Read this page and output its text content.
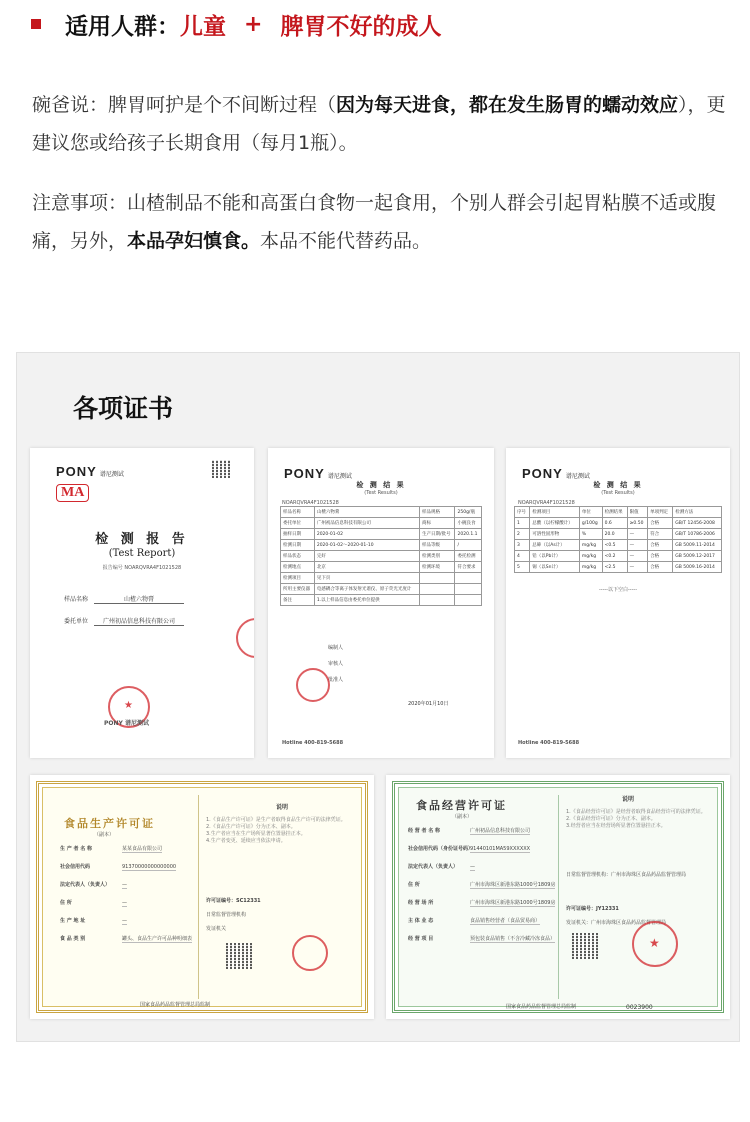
适用人群： 儿童 + 脾胃不好的成人
碗爸说：脾胃呵护是个不间断过程（因为每天进食，都在发生肠胃的蠕动效应），更建议您或给孩子长期食用（每月1瓶）。
注意事项：山楂制品不能和高蛋白食物一起食用，个别人群会引起胃粘膜不适或腹痛，另外，本品孕妇慎食。本品不能代替药品。
各项证书
PONY 谱尼测试
MA
检 测 报 告
(Test Report)
报告编号 NOARQVRA4F1021528
样品名称	山楂六物膏
委托单位 广州初品信息科技有限公司
★
PONY 谱尼测试
PONY 谱尼测试
检 测 结 果
(Test Results)
NOARQVRA4F1021528
样品名称	山楂六物膏	样品规格	250g/瓶
委托单位	广州初品信息科技有限公司	商标	小碗良食
抽样日期	2020-01-02	生产日期/批号	2020.1.1
检测日期	2020-01-02～2020-01-10	样品等级	/
样品状态	完好	检测类别	委托检测
检测地点	北京	检测环境	符合要求
检测项目	见下页		
所用主要仪器	电感耦合等离子体发射光谱仪、原子荧光光度计		
备注	1.以上样品信息由委托单位提供		
编制人
审核人
批准人
2020年01月10日
Hotline 400-819-5688
PONY 谱尼测试
检 测 结 果
(Test Results)
NOARQVRA4F1021528
序号	检测项目	单位	检测结果	限值	单项判定	检测方法
1	总酸（以柠檬酸计）	g/100g	0.6	≥0.50	合格	GB/T 12456-2008
2	可溶性固形物	%	20.0	—	符合	GB/T 10786-2006
3	总砷（以As计）	mg/kg	<0.5	—	合格	GB 5009.11-2014
4	铅（以Pb计）	mg/kg	<0.2	—	合格	GB 5009.12-2017
5	锡（以Sn计）	mg/kg	<2.5	—	合格	GB 5009.16-2014
-----以下空白-----
Hotline 400-819-5688
食品生产许可证
（副本）
生 产 者 名 称	某某食品有限公司
社会信用代码	91370000000000000
法定代表人（负责人） —
住 所	—
生 产 地 址	—
食 品 类 别	罐头、食品生产许可品种明细表
说明
1.《食品生产许可证》是生产者取得食品生产许可的法律凭证。
2.《食品生产许可证》分为正本、副本。
3.生产者应当在生产场所显著位置悬挂正本。
4.生产者变更、延续应当依法申请。
许可证编号：SC12331
日常监督管理机构
发证机关
国家食品药品监督管理总局监制
食品经营许可证
（副本）
经 营 者 名 称	广州初品信息科技有限公司
社会信用代码（身份证号码）91440101MA59XXXXXX
法定代表人（负责人） —
住 所	广州市海珠区新港东路1000号1809房
经 营 场 所	广州市海珠区新港东路1000号1809房
主 体 业 态	食品销售经营者（食品贸易商）
经 营 项 目	预包装食品销售（不含冷藏冷冻食品）
说明
1.《食品经营许可证》是经营者取得食品经营许可的法律凭证。
2.《食品经营许可证》分为正本、副本。
3.经营者应当在经营场所显著位置悬挂正本。
日常监督管理机构：广州市海珠区食品药品监督管理局
许可证编号：JY12331
发证机关：广州市海珠区食品药品监督管理局
★
国家食品药品监督管理总局监制	0023900
